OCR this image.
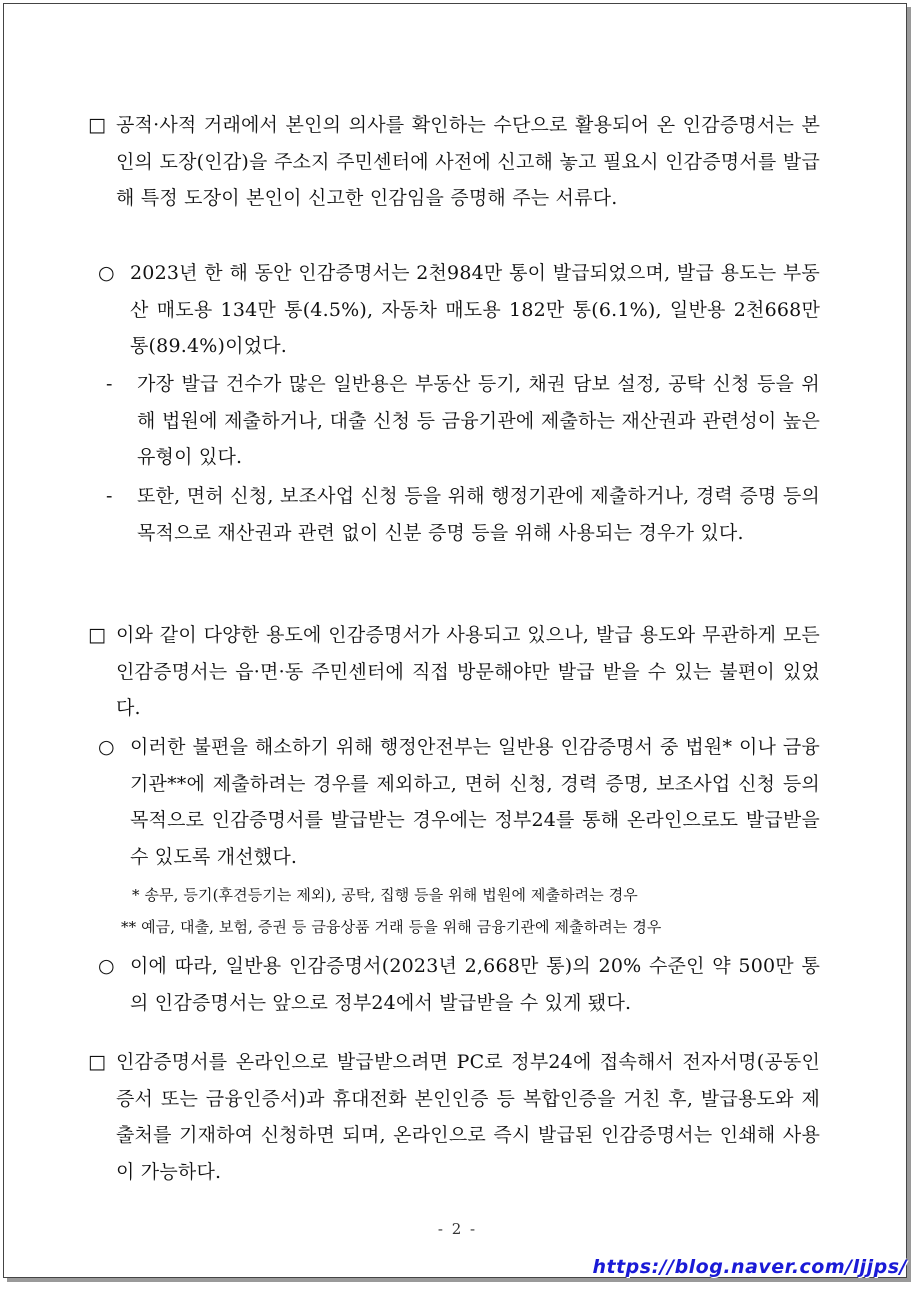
□ 공적·사적 거래에서 본인의 의사를 확인하는 수단으로 활용되어 온 인감증명서는 본인의 도장(인감)을 주소지 주민센터에 사전에 신고해 놓고 필요시 인감증명서를 발급해 특정 도장이 본인이 신고한 인감임을 증명해 주는 서류다.
○ 2023년 한 해 동안 인감증명서는 2천984만 통이 발급되었으며, 발급 용도는 부동산 매도용 134만 통(4.5%), 자동차 매도용 182만 통(6.1%), 일반용 2천668만 통(89.4%)이었다.
-	가장 발급 건수가 많은 일반용은 부동산 등기, 채권 담보 설정, 공탁 신청 등을 위해 법원에 제출하거나, 대출 신청 등 금융기관에 제출하는 재산권과 관련성이 높은 유형이 있다.
-	또한, 면허 신청, 보조사업 신청 등을 위해 행정기관에 제출하거나, 경력 증명 등의 목적으로 재산권과 관련 없이 신분 증명 등을 위해 사용되는 경우가 있다.
□ 이와 같이 다양한 용도에 인감증명서가 사용되고 있으나, 발급 용도와 무관하게 모든 인감증명서는 읍·면·동 주민센터에 직접 방문해야만 발급 받을 수 있는 불편이 있었다.
○ 이러한 불편을 해소하기 위해 행정안전부는 일반용 인감증명서 중 법원* 이나 금융기관**에 제출하려는 경우를 제외하고, 면허 신청, 경력 증명, 보조사업 신청 등의 목적으로 인감증명서를 발급받는 경우에는 정부24를 통해 온라인으로도 발급받을 수 있도록 개선했다.
* 송무, 등기(후견등기는 제외), 공탁, 집행 등을 위해 법원에 제출하려는 경우
** 예금, 대출, 보험, 증권 등 금융상품 거래 등을 위해 금융기관에 제출하려는 경우
○ 이에 따라, 일반용 인감증명서(2023년 2,668만 통)의 20% 수준인 약 500만 통의 인감증명서는 앞으로 정부24에서 발급받을 수 있게 됐다.
□ 인감증명서를 온라인으로 발급받으려면 PC로 정부24에 접속해서 전자서명(공동인증서 또는 금융인증서)과 휴대전화 본인인증 등 복합인증을 거친 후, 발급용도와 제출처를 기재하여 신청하면 되며, 온라인으로 즉시 발급된 인감증명서는 인쇄해 사용이 가능하다.
- 2 -
https://blog.naver.com/ljjps/
